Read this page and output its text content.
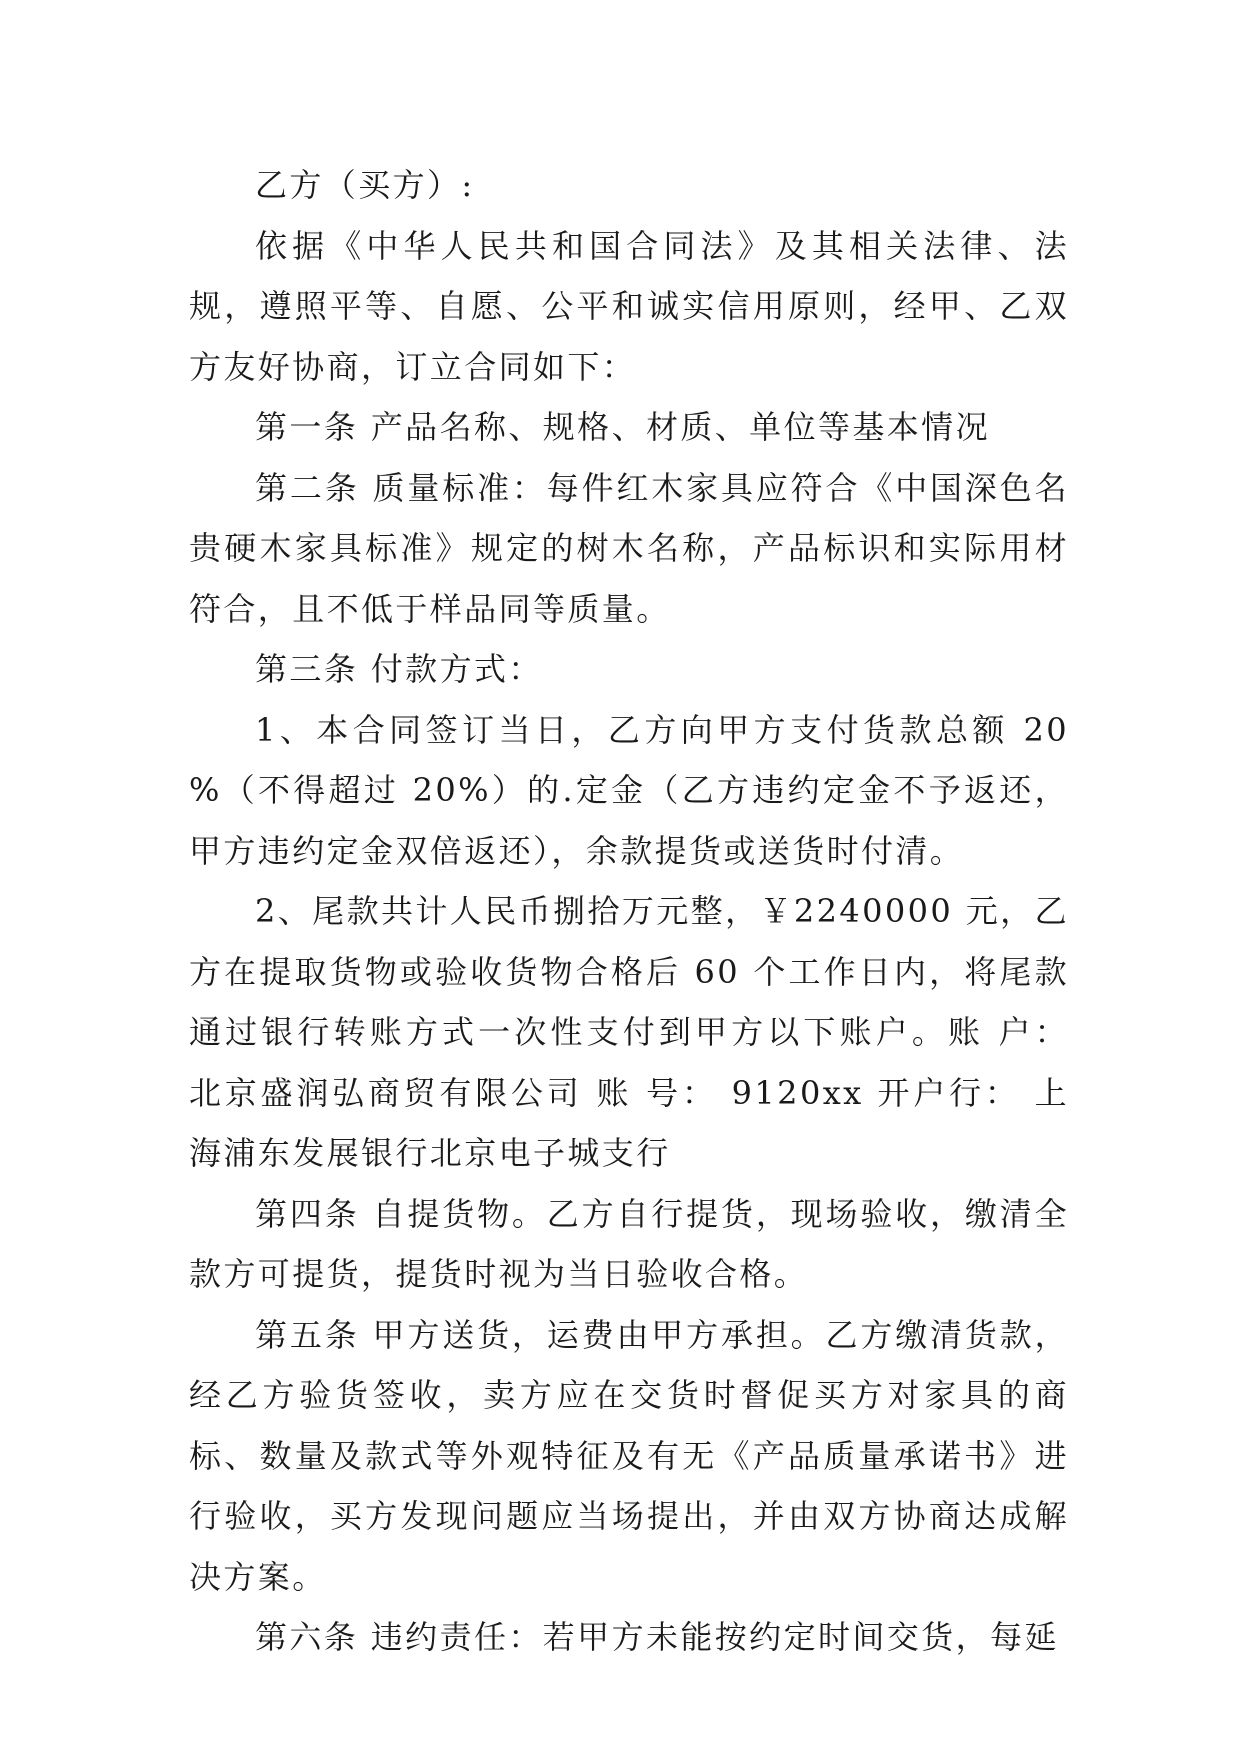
乙方（买方）:

依据《中华人民共和国合同法》及其相关法律、法规，遵照平等、自愿、公平和诚实信用原则，经甲、乙双方友好协商，订立合同如下：

第一条 产品名称、规格、材质、单位等基本情况

第二条 质量标准：每件红木家具应符合《中国深色名贵硬木家具标准》规定的树木名称，产品标识和实际用材符合，且不低于样品同等质量。

第三条 付款方式：

1、本合同签订当日，乙方向甲方支付货款总额 20 %（不得超过 20%）的.定金（乙方违约定金不予返还，甲方违约定金双倍返还），余款提货或送货时付清。

2、尾款共计人民币捌拾万元整，￥2240000 元，乙方在提取货物或验收货物合格后 60 个工作日内，将尾款通过银行转账方式一次性支付到甲方以下账户。账 户： 北京盛润弘商贸有限公司 账 号： 9120xx 开户行： 上海浦东发展银行北京电子城支行

第四条 自提货物。乙方自行提货，现场验收，缴清全款方可提货，提货时视为当日验收合格。

第五条 甲方送货，运费由甲方承担。乙方缴清货款，经乙方验货签收，卖方应在交货时督促买方对家具的商标、数量及款式等外观特征及有无《产品质量承诺书》进行验收，买方发现问题应当场提出，并由双方协商达成解决方案。

第六条 违约责任：若甲方未能按约定时间交货，每延
